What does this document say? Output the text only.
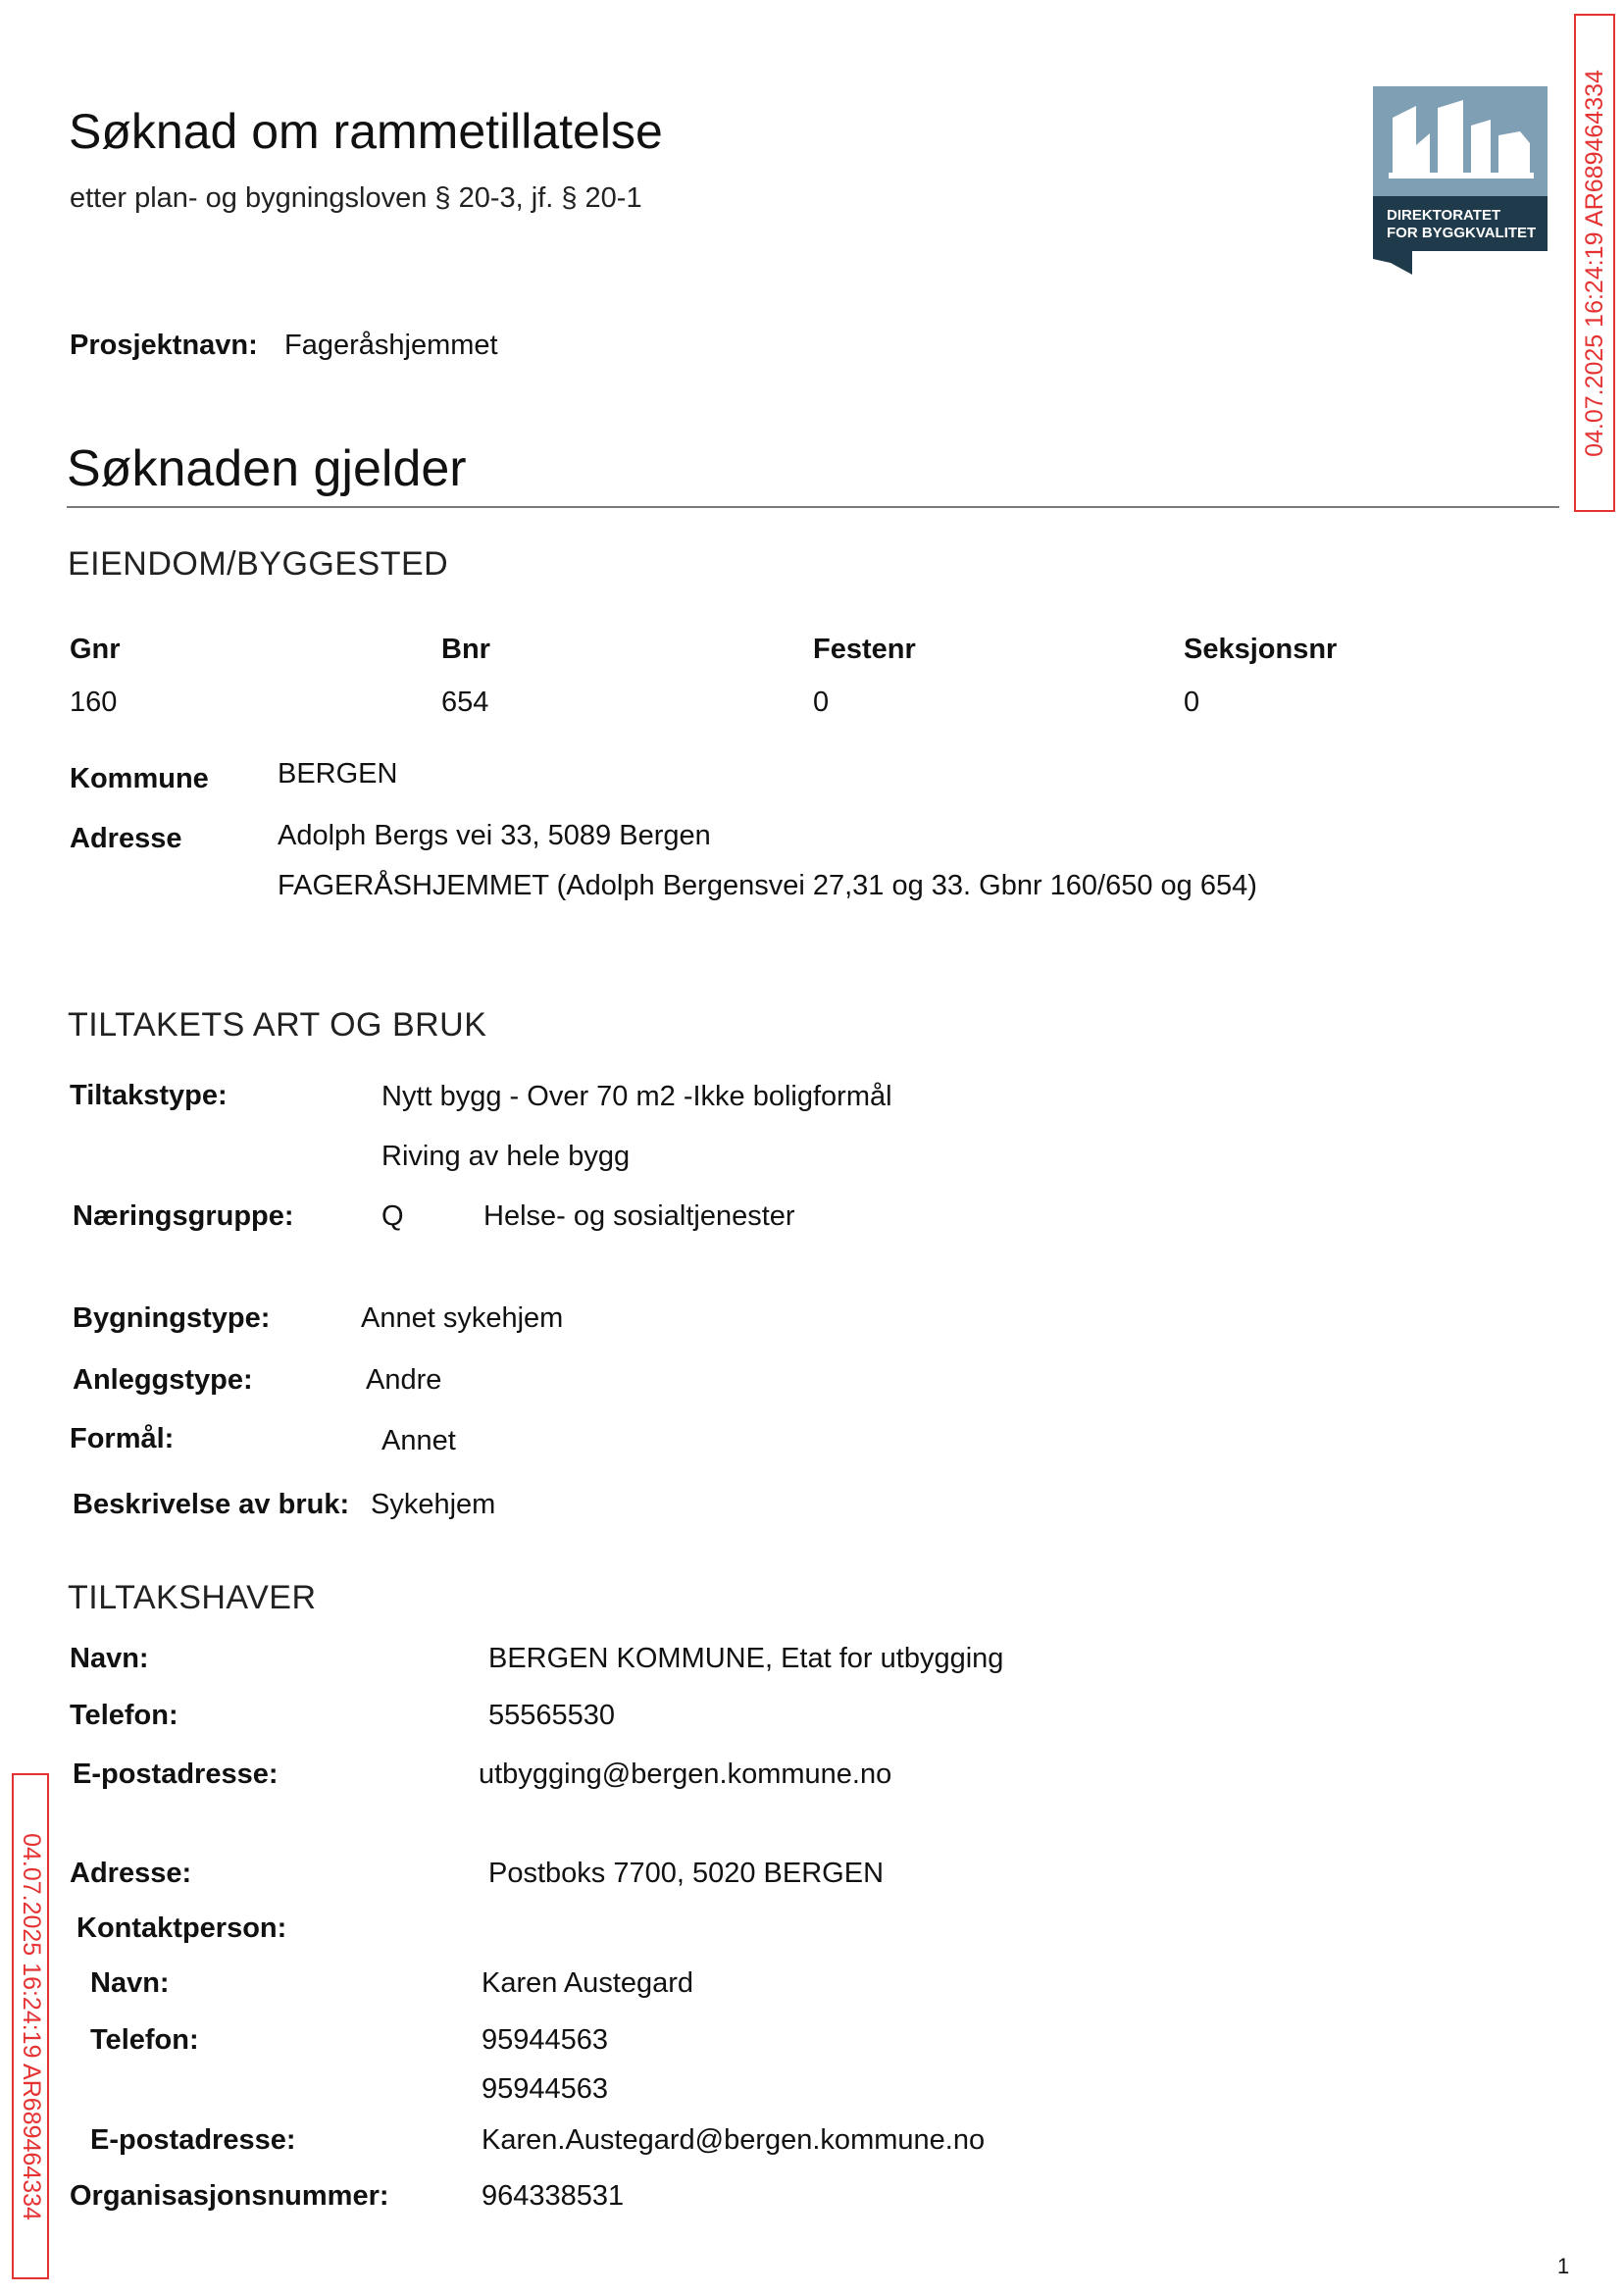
Søknad om rammetillatelse
etter plan- og bygningsloven § 20-3, jf. § 20-1
DIREKTORATET
FOR BYGGKVALITET
Prosjektnavn: Fageråshjemmet
Søknaden gjelder
EIENDOM/BYGGESTED
Gnr	Bnr	Festenr	Seksjonsnr
160	654	0	0
Kommune BERGEN
Adresse	Adolph Bergs vei 33, 5089 Bergen
FAGERÅSHJEMMET (Adolph Bergensvei 27,31 og 33. Gbnr 160/650 og 654)
TILTAKETS ART OG BRUK
Tiltakstype:	Nytt bygg - Over 70 m2 -Ikke boligformål
Riving av hele bygg
Næringsgruppe:	Q	Helse- og sosialtjenester
Bygningstype:	Annet sykehjem
Anleggstype:	Andre
Formål:	Annet
Beskrivelse av bruk: Sykehjem
TILTAKSHAVER
Navn:	BERGEN KOMMUNE, Etat for utbygging
Telefon:	55565530
E-postadresse:	utbygging@bergen.kommune.no
Adresse:	Postboks 7700, 5020 BERGEN
Kontaktperson:
Navn:	Karen Austegard
Telefon:	95944563
95944563
E-postadresse:	Karen.Austegard@bergen.kommune.no
Organisasjonsnummer:	964338531
04.07.2025 16:24:19 AR689464334
04.07.2025 16:24:19 AR689464334
1
